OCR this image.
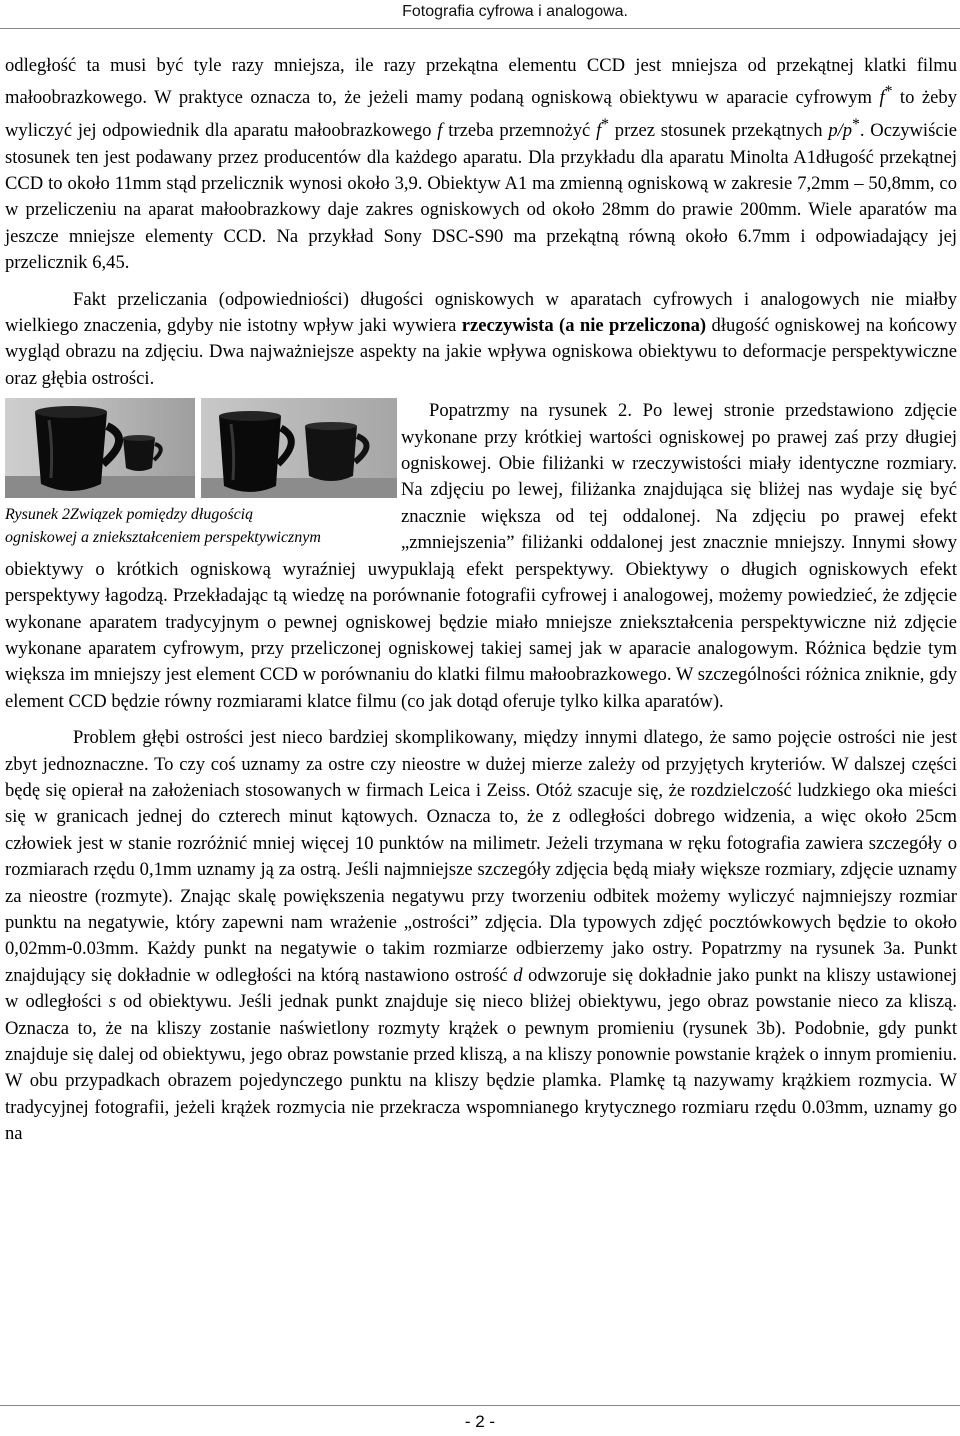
Fotografia cyfrowa i analogowa.

odległość ta musi być tyle razy mniejsza, ile razy przekątna elementu CCD jest mniejsza od przekątnej klatki filmu małoobrazkowego. W praktyce oznacza to, że jeżeli mamy podaną ogniskową obiektywu w aparacie cyfrowym f* to żeby wyliczyć jej odpowiednik dla aparatu małoobrazkowego f trzeba przemnożyć f* przez stosunek przekątnych p/p*. Oczywiście stosunek ten jest podawany przez producentów dla każdego aparatu. Dla przykładu dla aparatu Minolta A1długość przekątnej CCD to około 11mm stąd przelicznik wynosi około 3,9. Obiektyw A1 ma zmienną ogniskową w zakresie 7,2mm – 50,8mm, co w przeliczeniu na aparat małoobrazkowy daje zakres ogniskowych od około 28mm do prawie 200mm. Wiele aparatów ma jeszcze mniejsze elementy CCD. Na przykład Sony DSC-S90 ma przekątną równą około 6.7mm i odpowiadający jej przelicznik 6,45.

Fakt przeliczania (odpowiedniości) długości ogniskowych w aparatach cyfrowych i analogowych nie miałby wielkiego znaczenia, gdyby nie istotny wpływ jaki wywiera rzeczywista (a nie przeliczona) długość ogniskowej na końcowy wygląd obrazu na zdjęciu. Dwa najważniejsze aspekty na jakie wpływa ogniskowa obiektywu to deformacje perspektywiczne oraz głębia ostrości.

Rysunek 2Związek pomiędzy długością
ogniskowej a zniekształceniem perspektywicznym

Popatrzmy na rysunek 2. Po lewej stronie przedstawiono zdjęcie wykonane przy krótkiej wartości ogniskowej po prawej zaś przy długiej ogniskowej. Obie filiżanki w rzeczywistości miały identyczne rozmiary. Na zdjęciu po lewej, filiżanka znajdująca się bliżej nas wydaje się być znacznie większa od tej oddalonej. Na zdjęciu po prawej efekt „zmniejszenia” filiżanki oddalonej jest znacznie mniejszy. Innymi słowy obiektywy o krótkich ogniskową wyraźniej uwypuklają efekt perspektywy. Obiektywy o długich ogniskowych efekt perspektywy łagodzą. Przekładając tą wiedzę na porównanie fotografii cyfrowej i analogowej, możemy powiedzieć, że zdjęcie wykonane aparatem tradycyjnym o pewnej ogniskowej będzie miało mniejsze zniekształcenia perspektywiczne niż zdjęcie wykonane aparatem cyfrowym, przy przeliczonej ogniskowej takiej samej jak w aparacie analogowym. Różnica będzie tym większa im mniejszy jest element CCD w porównaniu do klatki filmu małoobrazkowego. W szczególności różnica zniknie, gdy element CCD będzie równy rozmiarami klatce filmu (co jak dotąd oferuje tylko kilka aparatów).

Problem głębi ostrości jest nieco bardziej skomplikowany, między innymi dlatego, że samo pojęcie ostrości nie jest zbyt jednoznaczne. To czy coś uznamy za ostre czy nieostre w dużej mierze zależy od przyjętych kryteriów. W dalszej części będę się opierał na założeniach stosowanych w firmach Leica i Zeiss. Otóż szacuje się, że rozdzielczość ludzkiego oka mieści się w granicach jednej do czterech minut kątowych. Oznacza to, że z odległości dobrego widzenia, a więc około 25cm człowiek jest w stanie rozróżnić mniej więcej 10 punktów na milimetr. Jeżeli trzymana w ręku fotografia zawiera szczegóły o rozmiarach rzędu 0,1mm uznamy ją za ostrą. Jeśli najmniejsze szczegóły zdjęcia będą miały większe rozmiary, zdjęcie uznamy za nieostre (rozmyte). Znając skalę powiększenia negatywu przy tworzeniu odbitek możemy wyliczyć najmniejszy rozmiar punktu na negatywie, który zapewni nam wrażenie „ostrości” zdjęcia. Dla typowych zdjęć pocztówkowych będzie to około 0,02mm-0.03mm. Każdy punkt na negatywie o takim rozmiarze odbierzemy jako ostry. Popatrzmy na rysunek 3a. Punkt znajdujący się dokładnie w odległości na którą nastawiono ostrość d odwzoruje się dokładnie jako punkt na kliszy ustawionej w odległości s od obiektywu. Jeśli jednak punkt znajduje się nieco bliżej obiektywu, jego obraz powstanie nieco za kliszą. Oznacza to, że na kliszy zostanie naświetlony rozmyty krążek o pewnym promieniu (rysunek 3b). Podobnie, gdy punkt znajduje się dalej od obiektywu, jego obraz powstanie przed kliszą, a na kliszy ponownie powstanie krążek o innym promieniu. W obu przypadkach obrazem pojedynczego punktu na kliszy będzie plamka. Plamkę tą nazywamy krążkiem rozmycia. W tradycyjnej fotografii, jeżeli krążek rozmycia nie przekracza wspomnianego krytycznego rozmiaru rzędu 0.03mm, uznamy go na

- 2 -
